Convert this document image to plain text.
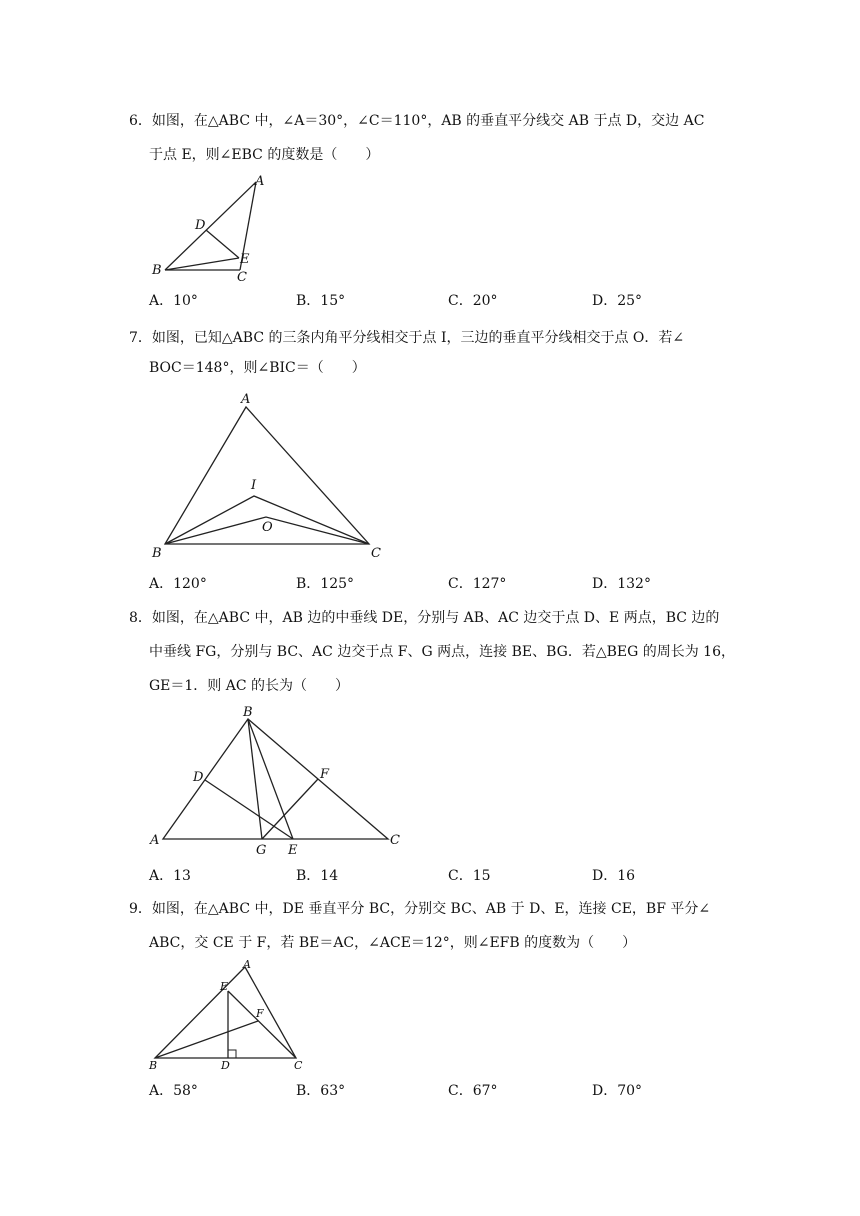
6．如图，在△ABC 中，∠A＝30°，∠C＝110°，AB 的垂直平分线交 AB 于点 D，交边 AC
于点 E，则∠EBC 的度数是（　　）
A
B	C
D
E
A．10°	B．15°	C．20°	D．25°
7．如图，已知△ABC 的三条内角平分线相交于点 I，三边的垂直平分线相交于点 O．若∠
BOC＝148°，则∠BIC＝（　　）
A
B	C
I
O
A．120°	B．125°	C．127°	D．132°
8．如图，在△ABC 中，AB 边的中垂线 DE，分别与 AB、AC 边交于点 D、E 两点，BC 边的
中垂线 FG，分别与 BC、AC 边交于点 F、G 两点，连接 BE、BG．若△BEG 的周长为 16，
GE＝1．则 AC 的长为（　　）
B
A	C
D	F
G E
A．13	B．14	C．15	D．16
9．如图，在△ABC 中，DE 垂直平分 BC，分别交 BC、AB 于 D、E，连接 CE，BF 平分∠
ABC，交 CE 于 F，若 BE＝AC，∠ACE＝12°，则∠EFB 的度数为（　　）
A
B	C
D
E
F
A．58°	B．63°	C．67°	D．70°
